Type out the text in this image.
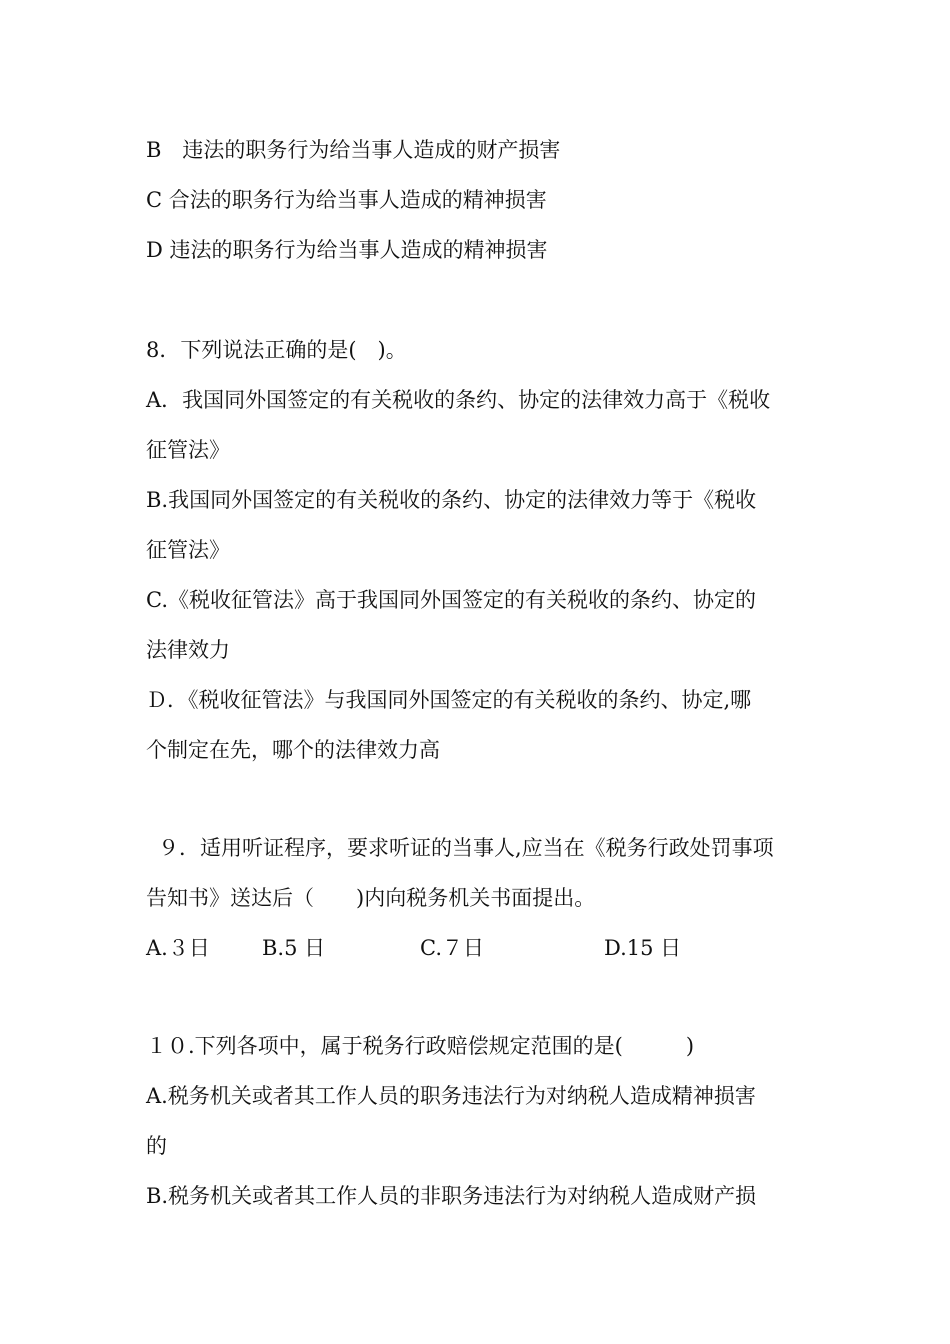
B　违法的职务行为给当事人造成的财产损害
C 合法的职务行为给当事人造成的精神损害
D 违法的职务行为给当事人造成的精神损害
8．下列说法正确的是(　)。
A．我国同外国签定的有关税收的条约、协定的法律效力高于《税收
征管法》
B.我国同外国签定的有关税收的条约、协定的法律效力等于《税收
征管法》
C.《税收征管法》高于我国同外国签定的有关税收的条约、协定的
法律效力
Ｄ．《税收征管法》与我国同外国签定的有关税收的条约、协定,哪
个制定在先，哪个的法律效力高
９．适用听证程序，要求听证的当事人,应当在《税务行政处罚事项
告知书》送达后（　　)内向税务机关书面提出。
A.３日 B.5 日	C.７日	D.15 日
１０.下列各项中，属于税务行政赔偿规定范围的是(　　　)
A.税务机关或者其工作人员的职务违法行为对纳税人造成精神损害
的
B.税务机关或者其工作人员的非职务违法行为对纳税人造成财产损
